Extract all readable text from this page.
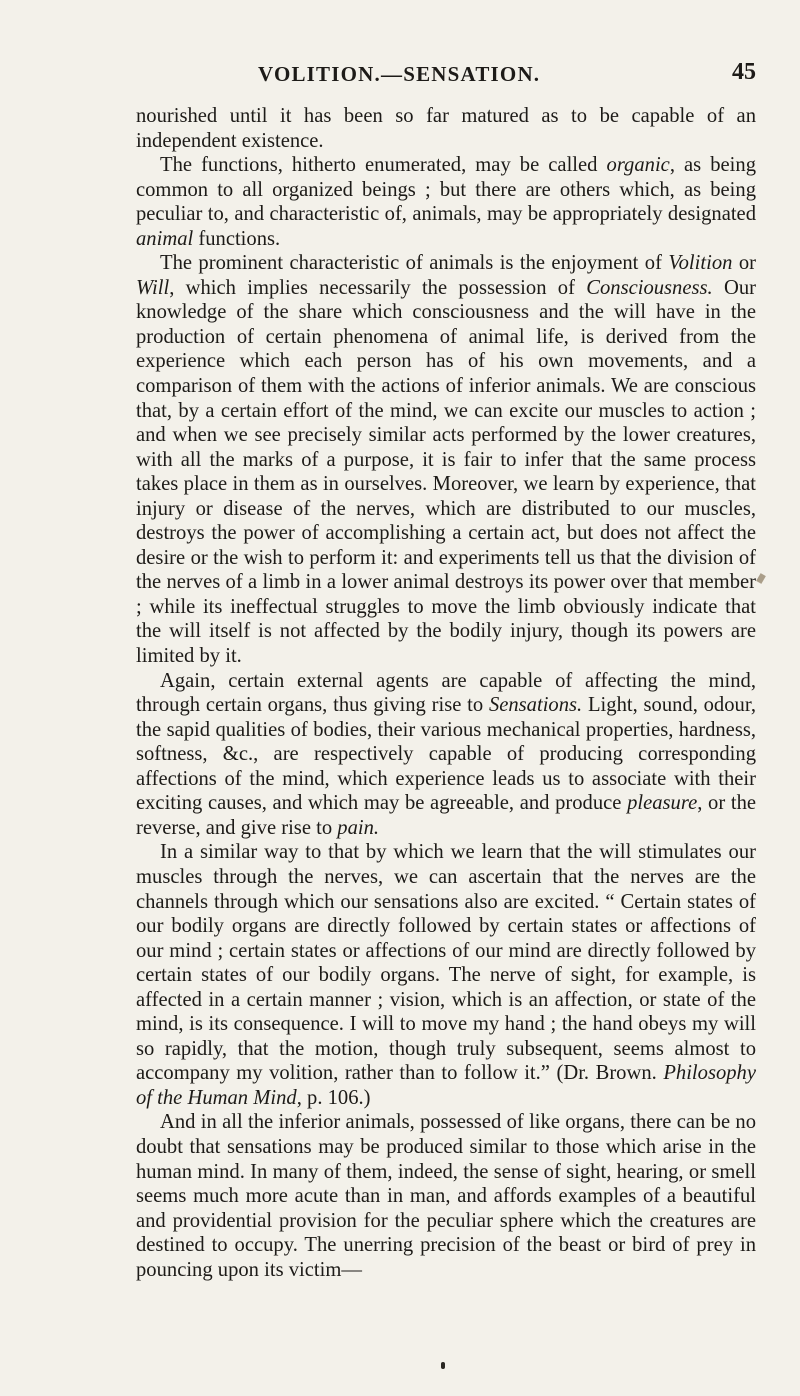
VOLITION.—SENSATION.	45

nourished until it has been so far matured as to be capable of an independent existence.

The functions, hitherto enumerated, may be called organic, as being common to all organized beings ; but there are others which, as being peculiar to, and characteristic of, animals, may be appropriately designated animal functions.

The prominent characteristic of animals is the enjoyment of Volition or Will, which implies necessarily the possession of Consciousness. Our knowledge of the share which consciousness and the will have in the production of certain phenomena of animal life, is derived from the experience which each person has of his own movements, and a comparison of them with the actions of inferior animals. We are conscious that, by a certain effort of the mind, we can excite our muscles to action ; and when we see precisely similar acts performed by the lower creatures, with all the marks of a purpose, it is fair to infer that the same process takes place in them as in ourselves. Moreover, we learn by experience, that injury or disease of the nerves, which are distributed to our muscles, destroys the power of accomplishing a certain act, but does not affect the desire or the wish to perform it: and experiments tell us that the division of the nerves of a limb in a lower animal destroys its power over that member ; while its ineffectual struggles to move the limb obviously indicate that the will itself is not affected by the bodily injury, though its powers are limited by it.

Again, certain external agents are capable of affecting the mind, through certain organs, thus giving rise to Sensations. Light, sound, odour, the sapid qualities of bodies, their various mechanical properties, hardness, softness, &c., are respectively capable of producing corresponding affections of the mind, which experience leads us to associate with their exciting causes, and which may be agreeable, and produce pleasure, or the reverse, and give rise to pain.

In a similar way to that by which we learn that the will stimulates our muscles through the nerves, we can ascertain that the nerves are the channels through which our sensations also are excited. “ Certain states of our bodily organs are directly followed by certain states or affections of our mind ; certain states or affections of our mind are directly followed by certain states of our bodily organs. The nerve of sight, for example, is affected in a certain manner ; vision, which is an affection, or state of the mind, is its consequence. I will to move my hand ; the hand obeys my will so rapidly, that the motion, though truly subsequent, seems almost to accompany my volition, rather than to follow it.” (Dr. Brown. Philosophy of the Human Mind, p. 106.)

And in all the inferior animals, possessed of like organs, there can be no doubt that sensations may be produced similar to those which arise in the human mind. In many of them, indeed, the sense of sight, hearing, or smell seems much more acute than in man, and affords examples of a beautiful and providential provision for the peculiar sphere which the creatures are destined to occupy. The unerring precision of the beast or bird of prey in pouncing upon its victim—
